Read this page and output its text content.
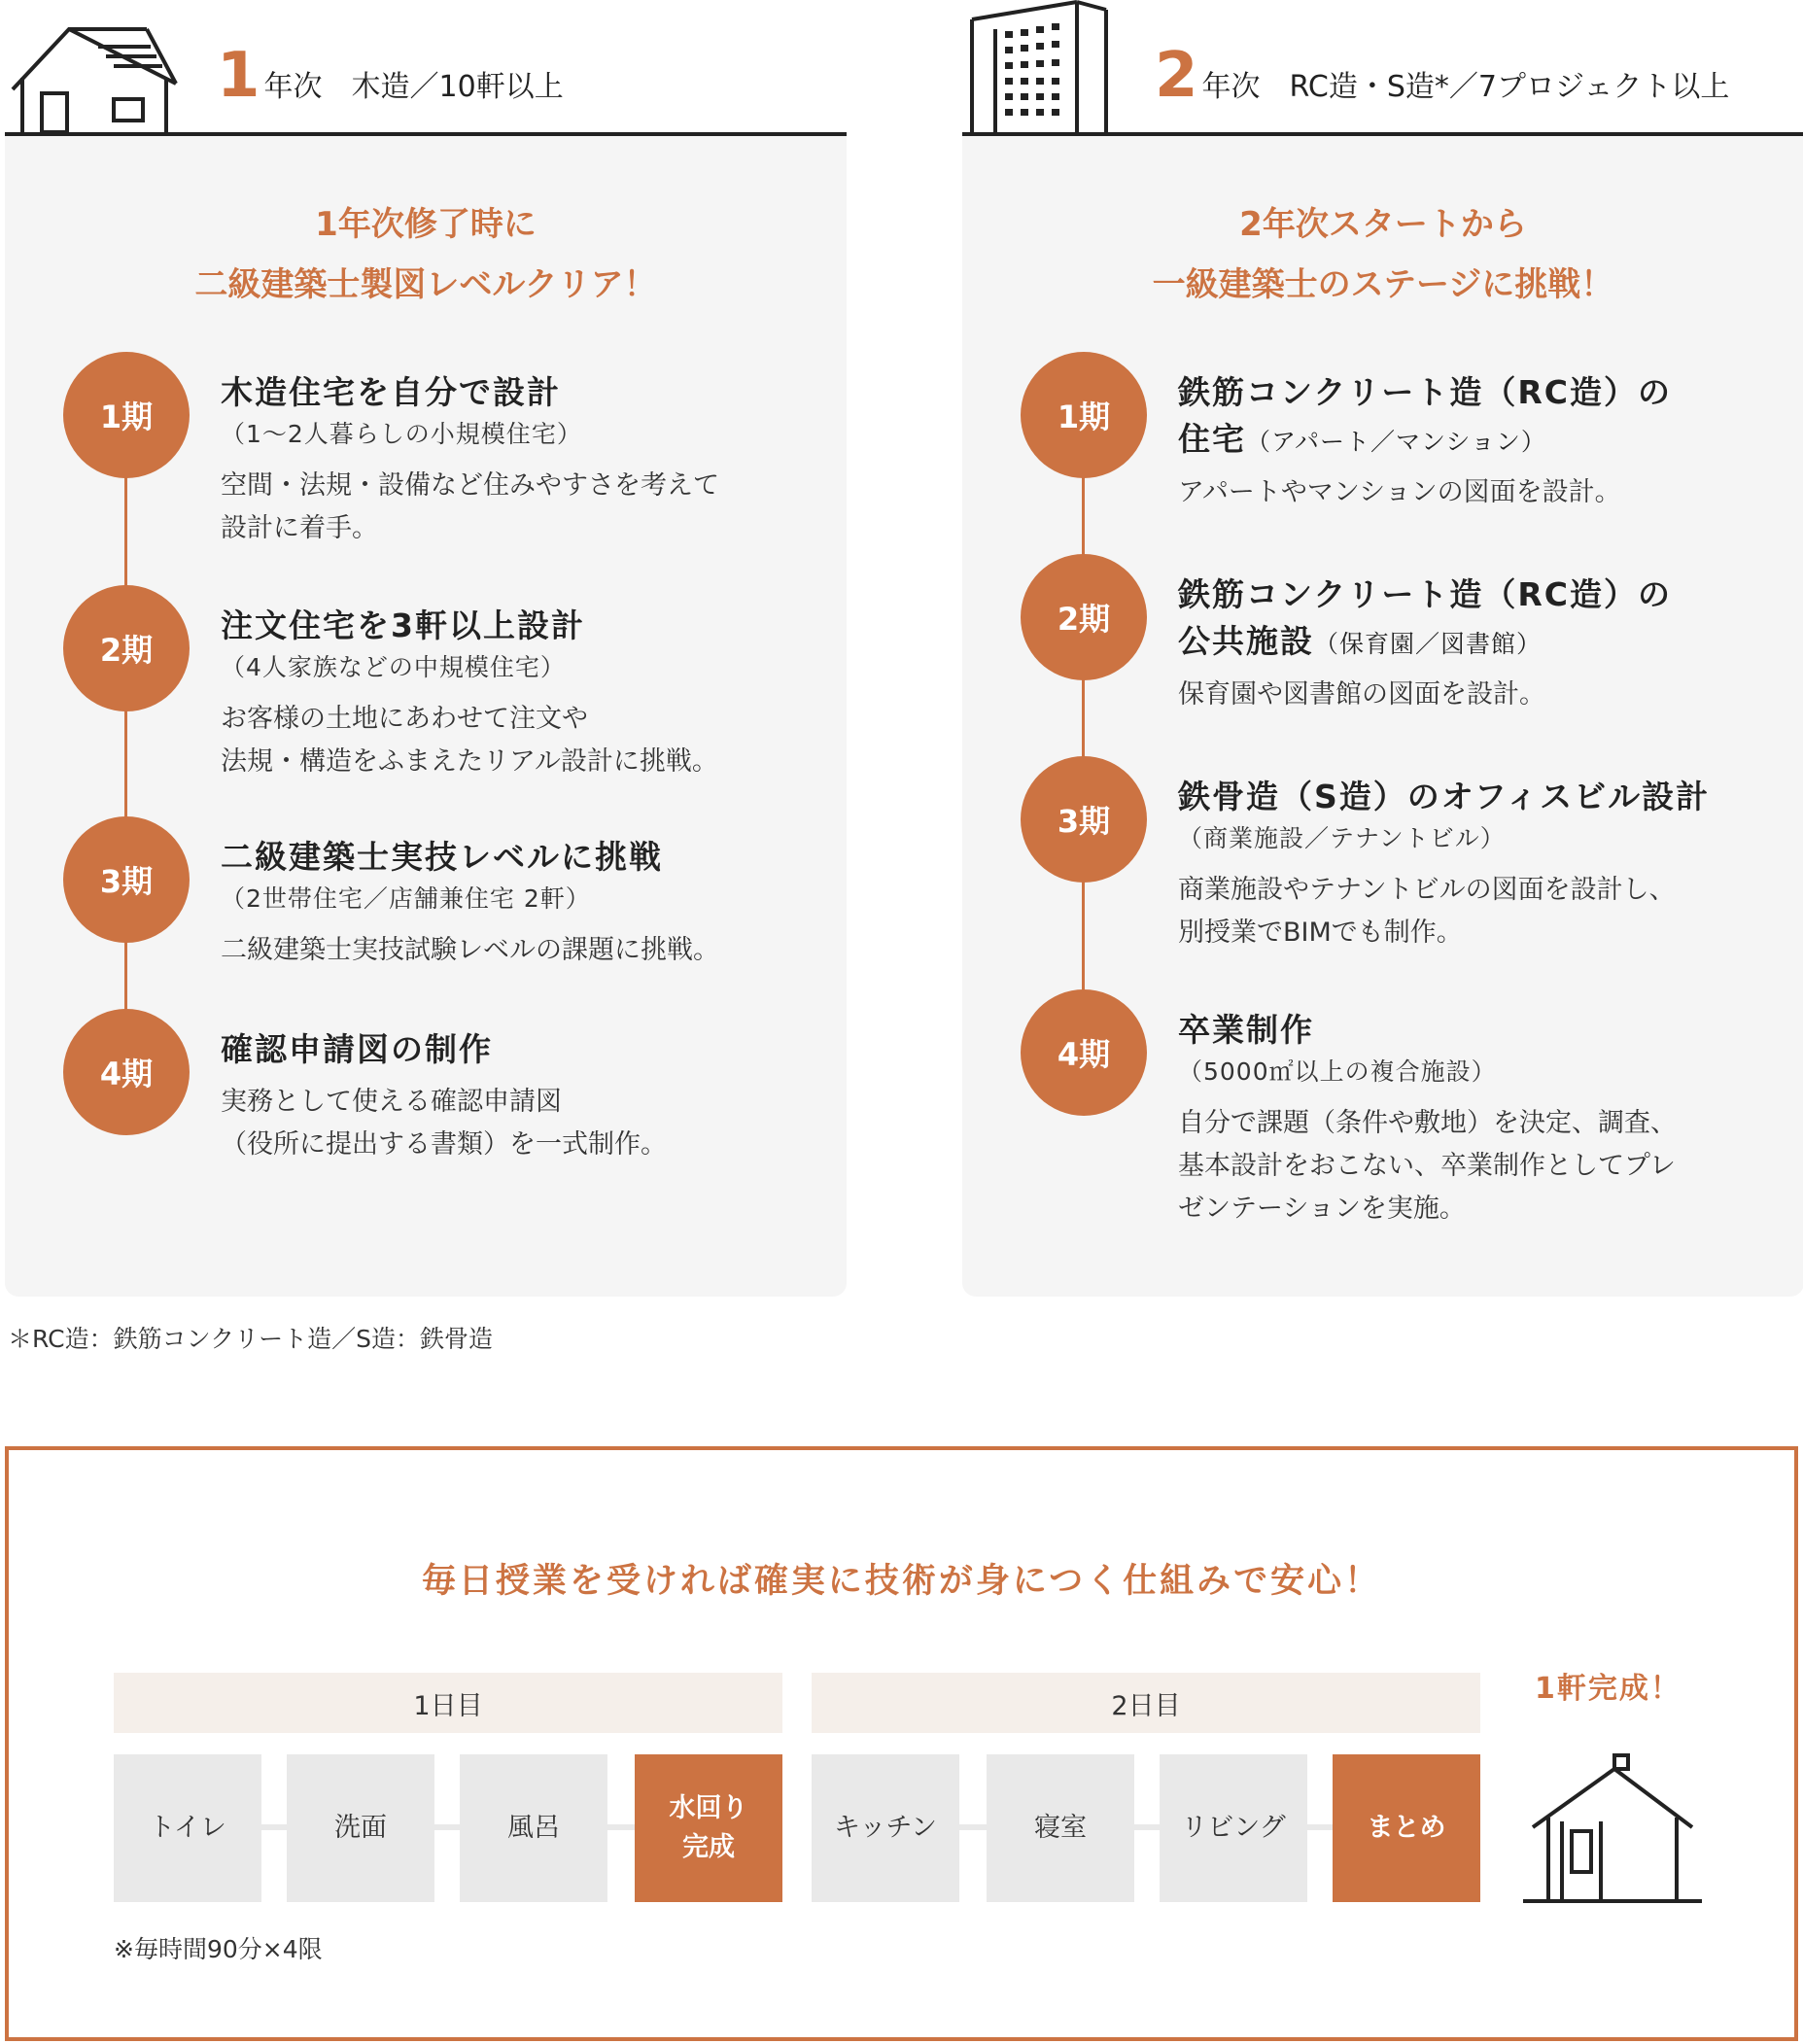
1 年次　木造／10軒以上
1年次修了時に
二級建築士製図レベルクリア！
1期
木造住宅を自分で設計
（1〜2人暮らしの小規模住宅）
空間・法規・設備など住みやすさを考えて
設計に着手。
2期
注文住宅を3軒以上設計
（4人家族などの中規模住宅）
お客様の土地にあわせて注文や
法規・構造をふまえたリアル設計に挑戦。
3期
二級建築士実技レベルに挑戦
（2世帯住宅／店舗兼住宅 2軒）
二級建築士実技試験レベルの課題に挑戦。
4期
確認申請図の制作
実務として使える確認申請図
（役所に提出する書類）を一式制作。
2 年次　RC造・S造*／7プロジェクト以上
2年次スタートから
一級建築士のステージに挑戦！
1期
鉄筋コンクリート造（RC造）の
住宅（アパート／マンション）
アパートやマンションの図面を設計。
2期
鉄筋コンクリート造（RC造）の
公共施設（保育園／図書館）
保育園や図書館の図面を設計。
3期
鉄骨造（S造）のオフィスビル設計
（商業施設／テナントビル）
商業施設やテナントビルの図面を設計し、
別授業でBIMでも制作。
4期
卒業制作
（5000㎡以上の複合施設）
自分で課題（条件や敷地）を決定、調査、
基本設計をおこない、卒業制作としてプレ
ゼンテーションを実施。
＊RC造：鉄筋コンクリート造／S造：鉄骨造
毎日授業を受ければ確実に技術が身につく仕組みで安心！
1日目	2日目
トイレ	洗面	風呂
水回り
完成
キッチン	寝室	リビング	まとめ
1軒完成！
※毎時間90分×4限
